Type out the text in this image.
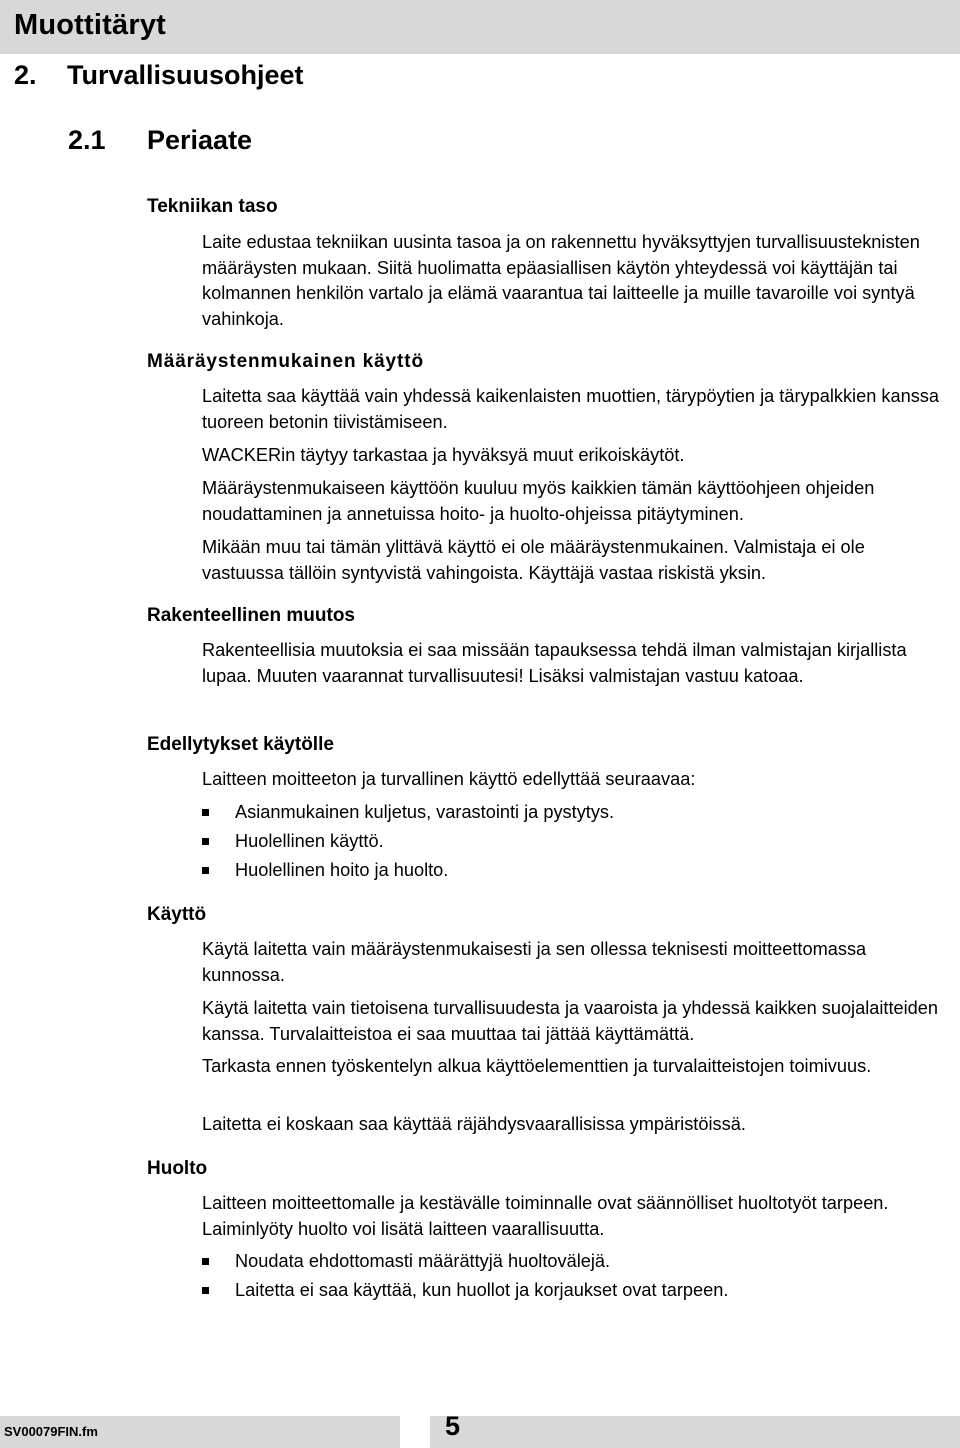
Muottitäryt
2. Turvallisuusohjeet
2.1 Periaate
Tekniikan taso

Laite edustaa tekniikan uusinta tasoa ja on rakennettu hyväksyttyjen turvallisuusteknisten määräysten mukaan. Siitä huolimatta epäasiallisen käytön yhteydessä voi käyttäjän tai kolmannen henkilön vartalo ja elämä vaarantua tai laitteelle ja muille tavaroille voi syntyä vahinkoja.

Määräystenmukainen käyttö

Laitetta saa käyttää vain yhdessä kaikenlaisten muottien, tärypöytien ja tärypalkkien kanssa tuoreen betonin tiivistämiseen.

WACKERin täytyy tarkastaa ja hyväksyä muut erikoiskäytöt.

Määräystenmukaiseen käyttöön kuuluu myös kaikkien tämän käyttöohjeen ohjeiden noudattaminen ja annetuissa hoito- ja huolto-ohjeissa pitäytyminen.

Mikään muu tai tämän ylittävä käyttö ei ole määräystenmukainen. Valmistaja ei ole vastuussa tällöin syntyvistä vahingoista. Käyttäjä vastaa riskistä yksin.

Rakenteellinen muutos

Rakenteellisia muutoksia ei saa missään tapauksessa tehdä ilman valmistajan kirjallista lupaa. Muuten vaarannat turvallisuutesi! Lisäksi valmistajan vastuu katoaa.

Edellytykset käytölle

Laitteen moitteeton ja turvallinen käyttö edellyttää seuraavaa:

Asianmukainen kuljetus, varastointi ja pystytys.
Huolellinen käyttö.
Huolellinen hoito ja huolto.
Käyttö

Käytä laitetta vain määräystenmukaisesti ja sen ollessa teknisesti moitteettomassa kunnossa.

Käytä laitetta vain tietoisena turvallisuudesta ja vaaroista ja yhdessä kaikken suojalaitteiden kanssa. Turvalaitteistoa ei saa muuttaa tai jättää käyttämättä.

Tarkasta ennen työskentelyn alkua käyttöelementtien ja turvalaitteistojen toimivuus.

Laitetta ei koskaan saa käyttää räjähdysvaarallisissa ympäristöissä.

Huolto

Laitteen moitteettomalle ja kestävälle toiminnalle ovat säännölliset huoltotyöt tarpeen. Laiminlyöty huolto voi lisätä laitteen vaarallisuutta.

Noudata ehdottomasti määrättyjä huoltovälejä.
Laitetta ei saa käyttää, kun huollot ja korjaukset ovat tarpeen.
SV00079FIN.fm	5
